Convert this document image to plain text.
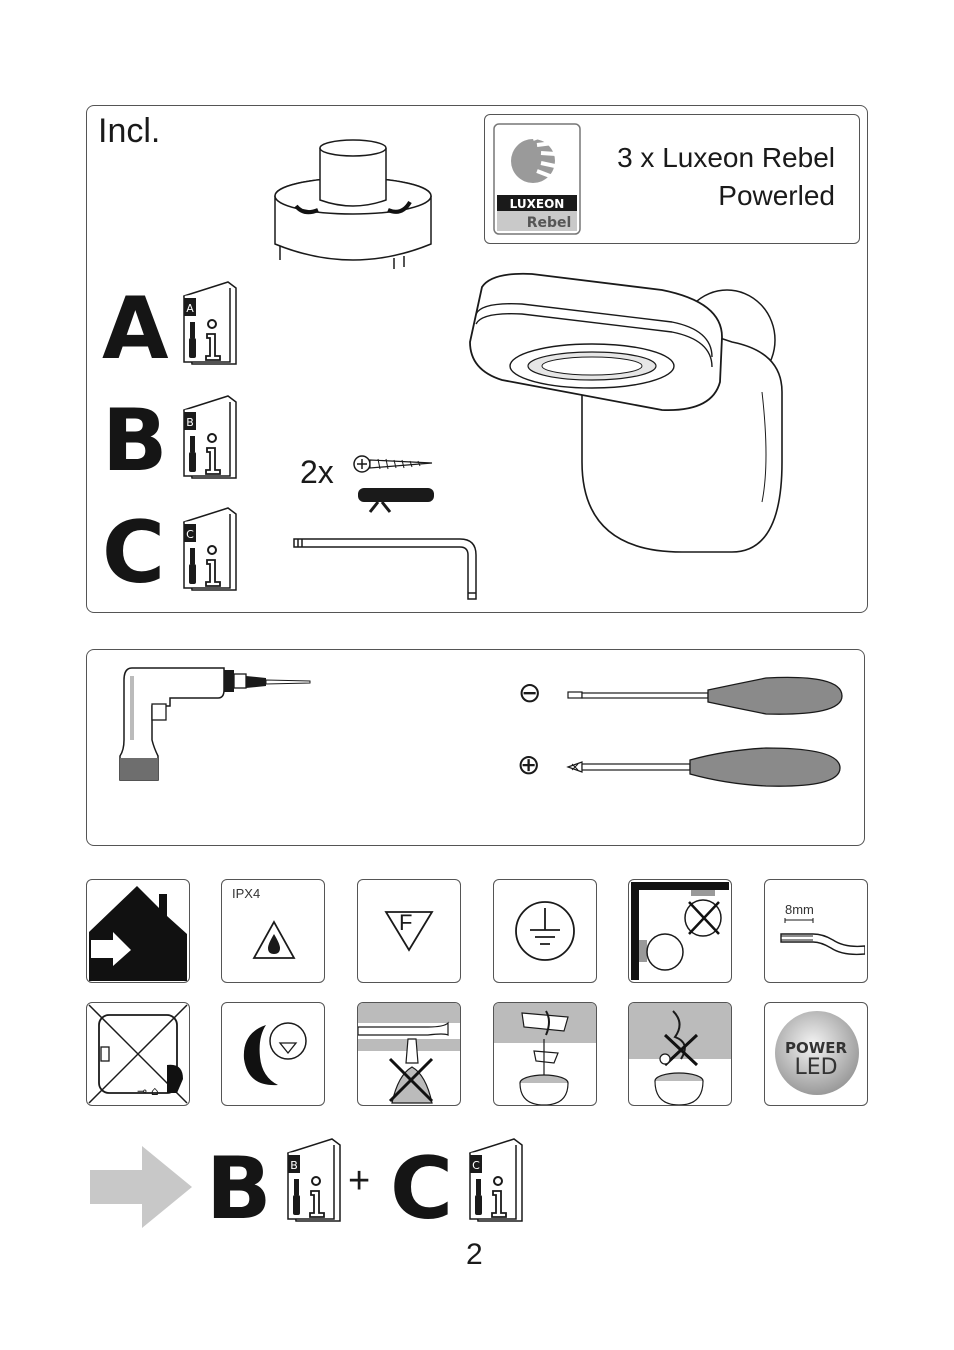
Incl.
LUXEON
Rebel
3 x Luxeon Rebel
Powerled
A A
B B
C C
2x
⊖
⊕
IPX4
F
8mm
⊸ ⌂
POWER
LED
B B + C C
2
